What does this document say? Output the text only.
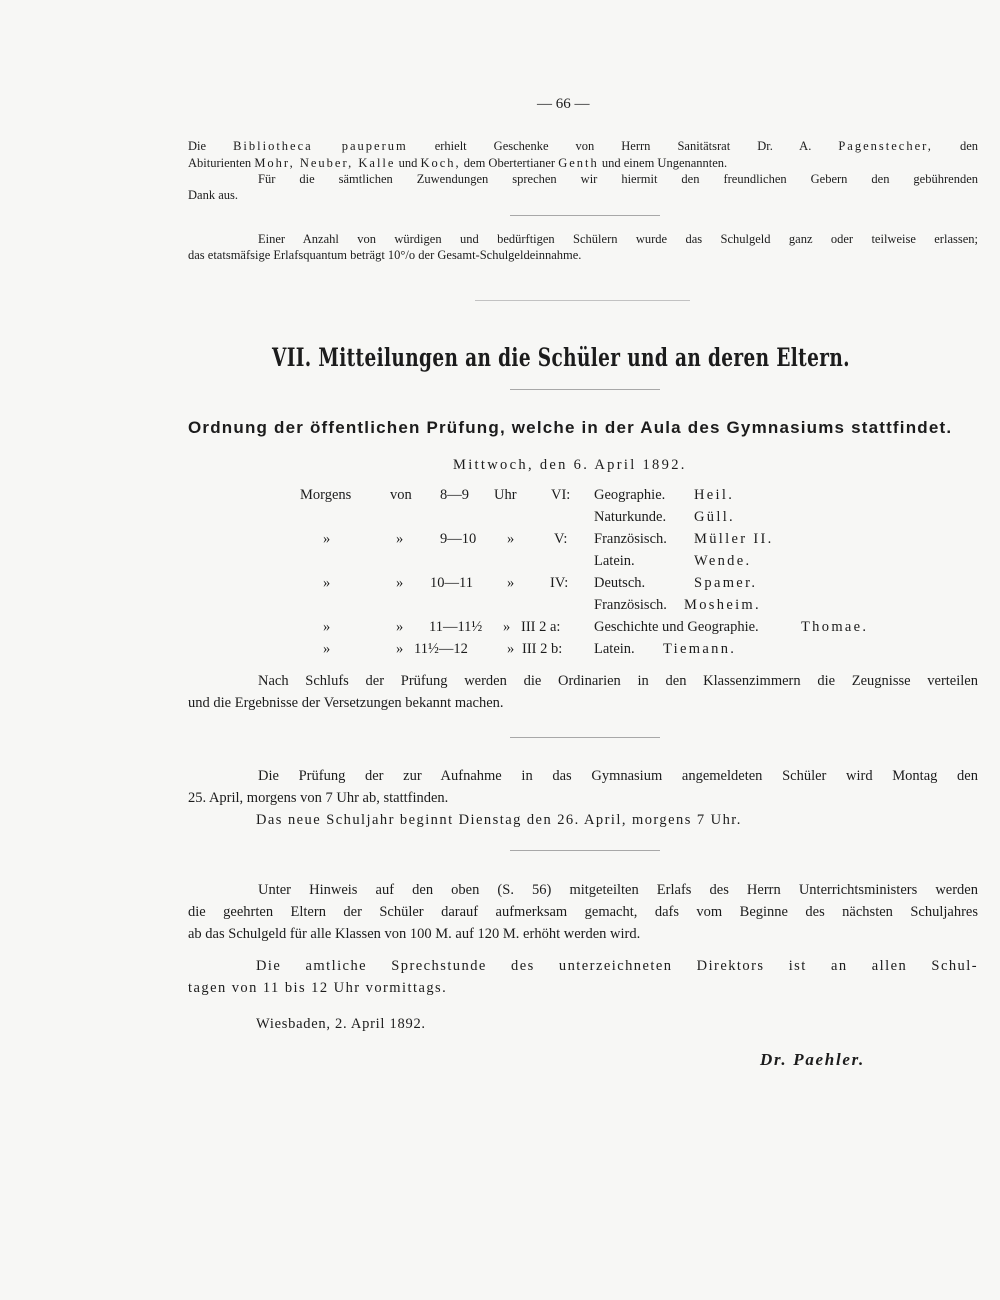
— 66 —
Die Bibliotheca pauperum erhielt Geschenke von Herrn Sanitätsrat Dr. A. Pagenstecher, den
Abiturienten Mohr, Neuber, Kalle und Koch, dem Obertertianer Genth und einem Ungenannten.
Für die sämtlichen Zuwendungen sprechen wir hiermit den freundlichen Gebern den gebührenden
Dank aus.
Einer Anzahl von würdigen und bedürftigen Schülern wurde das Schulgeld ganz oder teilweise erlassen;
das etatsmäfsige Erlafsquantum beträgt 10°/o der Gesamt-Schulgeldeinnahme.
VII. Mitteilungen an die Schüler und an deren Eltern.
Ordnung der öffentlichen Prüfung, welche in der Aula des Gymnasiums stattfindet.
Mittwoch, den 6. April 1892.
Morgens	von 8—9 Uhr VI: Geographie. Heil.
Naturkunde. Güll.
»	»	9—10 »	V: Französisch. Müller II.
Latein.	Wende.
»	» 10—11 » IV: Deutsch.	Spamer.
Französisch. Mosheim.
»	» 11—11½ » III 2 a: Geschichte und Geographie.	Thomae.
»	» 11½—12	» III 2 b: Latein. Tiemann.
Nach Schlufs der Prüfung werden die Ordinarien in den Klassenzimmern die Zeugnisse verteilen
und die Ergebnisse der Versetzungen bekannt machen.
Die Prüfung der zur Aufnahme in das Gymnasium angemeldeten Schüler wird Montag den
25. April, morgens von 7 Uhr ab, stattfinden.
Das neue Schuljahr beginnt Dienstag den 26. April, morgens 7 Uhr.
Unter Hinweis auf den oben (S. 56) mitgeteilten Erlafs des Herrn Unterrichtsministers werden
die geehrten Eltern der Schüler darauf aufmerksam gemacht, dafs vom Beginne des nächsten Schuljahres
ab das Schulgeld für alle Klassen von 100 M. auf 120 M. erhöht werden wird.
Die amtliche Sprechstunde des unterzeichneten Direktors ist an allen Schul-
tagen von 11 bis 12 Uhr vormittags.
Wiesbaden, 2. April 1892.
Dr. Paehler.
